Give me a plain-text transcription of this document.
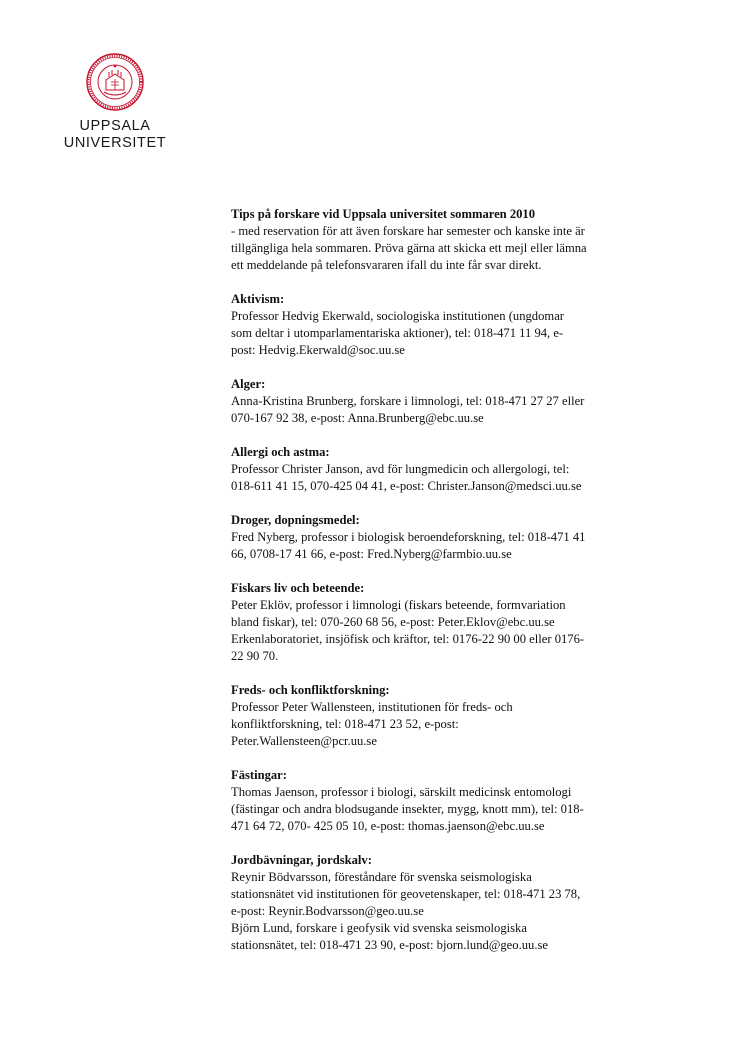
UPPSALA
UNIVERSITET
Tips på forskare vid Uppsala universitet sommaren 2010
- med reservation för att även forskare har semester och kanske inte är
tillgängliga hela sommaren. Pröva gärna att skicka ett mejl eller lämna
ett meddelande på telefonsvararen ifall du inte får svar direkt.
Aktivism:
Professor Hedvig Ekerwald, sociologiska institutionen (ungdomar
som deltar i utomparlamentariska aktioner), tel: 018-471 11 94, e-
post: Hedvig.Ekerwald@soc.uu.se
Alger:
Anna-Kristina Brunberg, forskare i limnologi, tel: 018-471 27 27 eller
070-167 92 38, e-post: Anna.Brunberg@ebc.uu.se
Allergi och astma:
Professor Christer Janson, avd för lungmedicin och allergologi, tel:
018-611 41 15, 070-425 04 41, e-post: Christer.Janson@medsci.uu.se
Droger, dopningsmedel:
Fred Nyberg, professor i biologisk beroendeforskning, tel: 018-471 41
66, 0708-17 41 66, e-post: Fred.Nyberg@farmbio.uu.se
Fiskars liv och beteende:
Peter Eklöv, professor i limnologi (fiskars beteende, formvariation
bland fiskar), tel: 070-260 68 56, e-post: Peter.Eklov@ebc.uu.se
Erkenlaboratoriet, insjöfisk och kräftor, tel: 0176-22 90 00 eller 0176-
22 90 70.
Freds- och konfliktforskning:
Professor Peter Wallensteen, institutionen för freds- och
konfliktforskning, tel: 018-471 23 52, e-post:
Peter.Wallensteen@pcr.uu.se
Fästingar:
Thomas Jaenson, professor i biologi, särskilt medicinsk entomologi
(fästingar och andra blodsugande insekter, mygg, knott mm), tel: 018-
471 64 72, 070- 425 05 10, e-post: thomas.jaenson@ebc.uu.se
Jordbävningar, jordskalv:
Reynir Bödvarsson, föreståndare för svenska seismologiska
stationsnätet vid institutionen för geovetenskaper, tel: 018-471 23 78,
e-post: Reynir.Bodvarsson@geo.uu.se
Björn Lund, forskare i geofysik vid svenska seismologiska
stationsnätet, tel: 018-471 23 90, e-post: bjorn.lund@geo.uu.se
